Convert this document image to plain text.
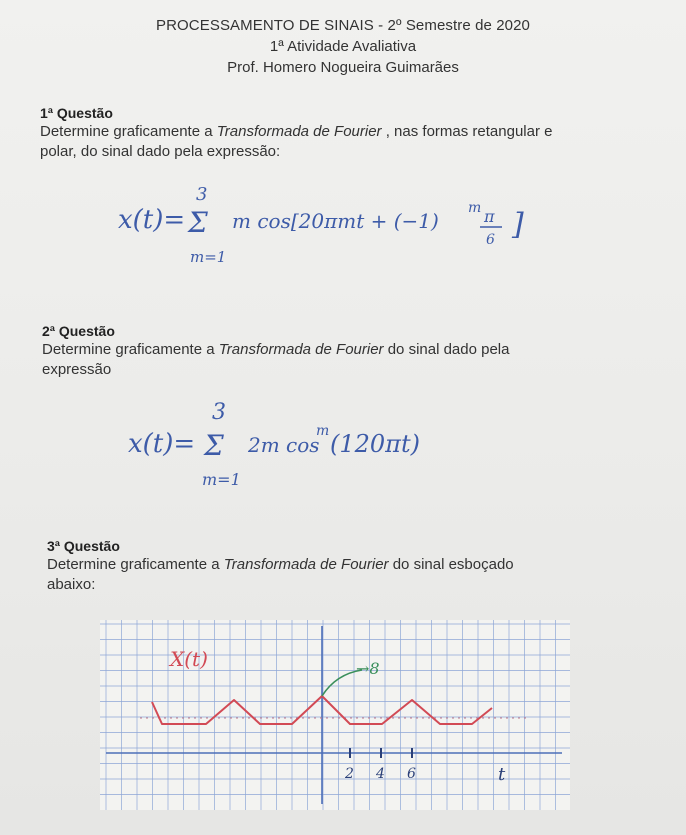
PROCESSAMENTO DE SINAIS - 2º Semestre de 2020
1ª Atividade Avaliativa
Prof. Homero Nogueira Guimarães
1ª Questão
Determine graficamente a Transformada de Fourier , nas formas retangular e
polar, do sinal dado pela expressão:
x(t)=
3
Σ
m=1
m cos[20πmt + (−1)
m π
6 ]
2ª Questão
Determine graficamente a Transformada de Fourier do sinal dado pela
expressão
x(t)=
3
Σ
m=1
2m cos
m (120πt)
3ª Questão
Determine graficamente a Transformada de Fourier do sinal esboçado
abaixo:
→8
X(t)
2 4 6	t
